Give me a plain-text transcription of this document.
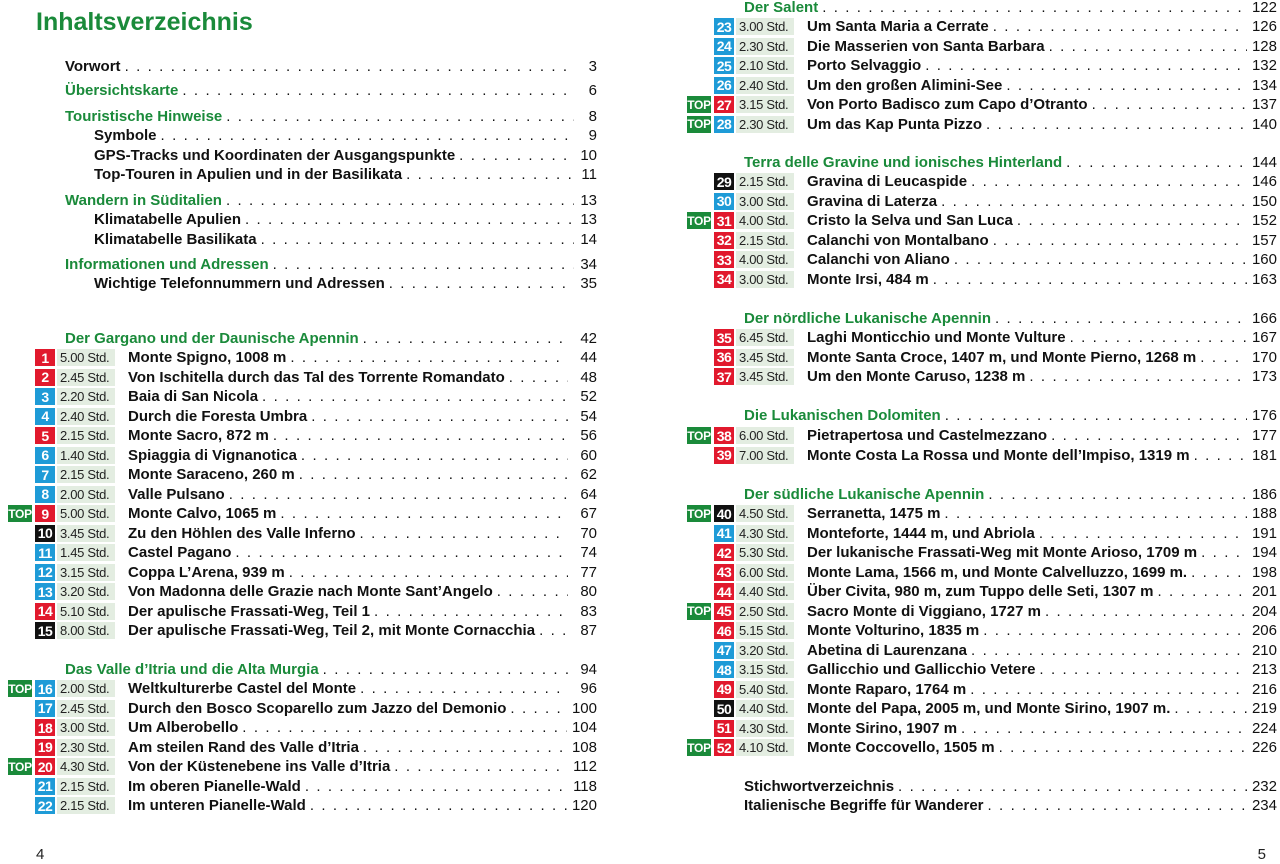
Inhaltsverzeichnis
Vorwort . . .	3
Übersichtskarte . . .	6
Touristische Hinweise . . .	8
Symbole . . .	9
GPS-Tracks und Koordinaten der Ausgangspunkte . . .	10
Top-Touren in Apulien und in der Basilikata . . .	11
Wandern in Süditalien . . .	13
Klimatabelle Apulien . . .	13
Klimatabelle Basilikata . . .	14
Informationen und Adressen . . .	34
Wichtige Telefonnummern und Adressen . . .	35
Der Gargano und der Daunische Apennin . . .	42
1 5.00 Std.	Monte Spigno, 1008 m . . .	44
2 2.45 Std.	Von Ischitella durch das Tal des Torrente Romandato . . .	48
3 2.20 Std.	Baia di San Nicola . . .	52
4 2.40 Std.	Durch die Foresta Umbra . . .	54
5 2.15 Std.	Monte Sacro, 872 m . . .	56
6 1.40 Std.	Spiaggia di Vignanotica . . .	60
7 2.15 Std.	Monte Saraceno, 260 m . . .	62
8 2.00 Std.	Valle Pulsano . . .	64
TOP 9 5.00 Std.	Monte Calvo, 1065 m . . .	67
10 3.45 Std.	Zu den Höhlen des Valle Inferno . . .	70
11 1.45 Std.	Castel Pagano . . .	74
12 3.15 Std.	Coppa L’Arena, 939 m . . .	77
13 3.20 Std.	Von Madonna delle Grazie nach Monte Sant’Angelo . . .	80
14 5.10 Std.	Der apulische Frassati-Weg, Teil 1 . . .	83
15 8.00 Std.	Der apulische Frassati-Weg, Teil 2, mit Monte Cornacchia . . .	87
Das Valle d’Itria und die Alta Murgia . . .	94
TOP 16 2.00 Std.	Weltkulturerbe Castel del Monte . . .	96
17 2.45 Std.	Durch den Bosco Scoparello zum Jazzo del Demonio . . .	100
18 3.00 Std.	Um Alberobello . . .	104
19 2.30 Std.	Am steilen Rand des Valle d’Itria . . .	108
TOP 20 4.30 Std.	Von der Küstenebene ins Valle d’Itria . . .	112
21 2.15 Std.	Im oberen Pianelle-Wald . . .	118
22 2.15 Std.	Im unteren Pianelle-Wald . . .	120
Der Salent . . .	122
23 3.00 Std.	Um Santa Maria a Cerrate . . .	126
24 2.30 Std.	Die Masserien von Santa Barbara . . .	128
25 2.10 Std.	Porto Selvaggio . . .	132
26 2.40 Std.	Um den großen Alimini-See . . .	134
TOP 27 3.15 Std.	Von Porto Badisco zum Capo d’Otranto . . .	137
TOP 28 2.30 Std.	Um das Kap Punta Pizzo . . .	140
Terra delle Gravine und ionisches Hinterland . . .	144
29 2.15 Std.	Gravina di Leucaspide . . .	146
30 3.00 Std.	Gravina di Laterza . . .	150
TOP 31 4.00 Std.	Cristo la Selva und San Luca . . .	152
32 2.15 Std.	Calanchi von Montalbano . . .	157
33 4.00 Std.	Calanchi von Aliano . . .	160
34 3.00 Std.	Monte Irsi, 484 m . . .	163
Der nördliche Lukanische Apennin . . .	166
35 6.45 Std.	Laghi Monticchio und Monte Vulture . . .	167
36 3.45 Std.	Monte Santa Croce, 1407 m, und Monte Pierno, 1268 m . . .	170
37 3.45 Std.	Um den Monte Caruso, 1238 m . . .	173
Die Lukanischen Dolomiten . . .	176
TOP 38 6.00 Std.	Pietrapertosa und Castelmezzano . . .	177
39 7.00 Std.	Monte Costa La Rossa und Monte dell’Impiso, 1319 m . . .	181
Der südliche Lukanische Apennin . . .	186
TOP 40 4.50 Std.	Serranetta, 1475 m . . .	188
41 4.30 Std.	Monteforte, 1444 m, und Abriola . . .	191
42 5.30 Std.	Der lukanische Frassati-Weg mit Monte Arioso, 1709 m . . .	194
43 6.00 Std.	Monte Lama, 1566 m, und Monte Calvelluzzo, 1699 m. . . .	198
44 4.40 Std.	Über Civita, 980 m, zum Tuppo delle Seti, 1307 m . . .	201
TOP 45 2.50 Std.	Sacro Monte di Viggiano, 1727 m . . .	204
46 5.15 Std.	Monte Volturino, 1835 m . . .	206
47 3.20 Std.	Abetina di Laurenzana . . .	210
48 3.15 Std.	Gallicchio und Gallicchio Vetere . . .	213
49 5.40 Std.	Monte Raparo, 1764 m . . .	216
50 4.40 Std.	Monte del Papa, 2005 m, und Monte Sirino, 1907 m. . . .	219
51 4.30 Std.	Monte Sirino, 1907 m . . .	224
TOP 52 4.10 Std.	Monte Coccovello, 1505 m . . .	226
Stichwortverzeichnis . . .	232
Italienische Begriffe für Wanderer . . .	234
4	5
